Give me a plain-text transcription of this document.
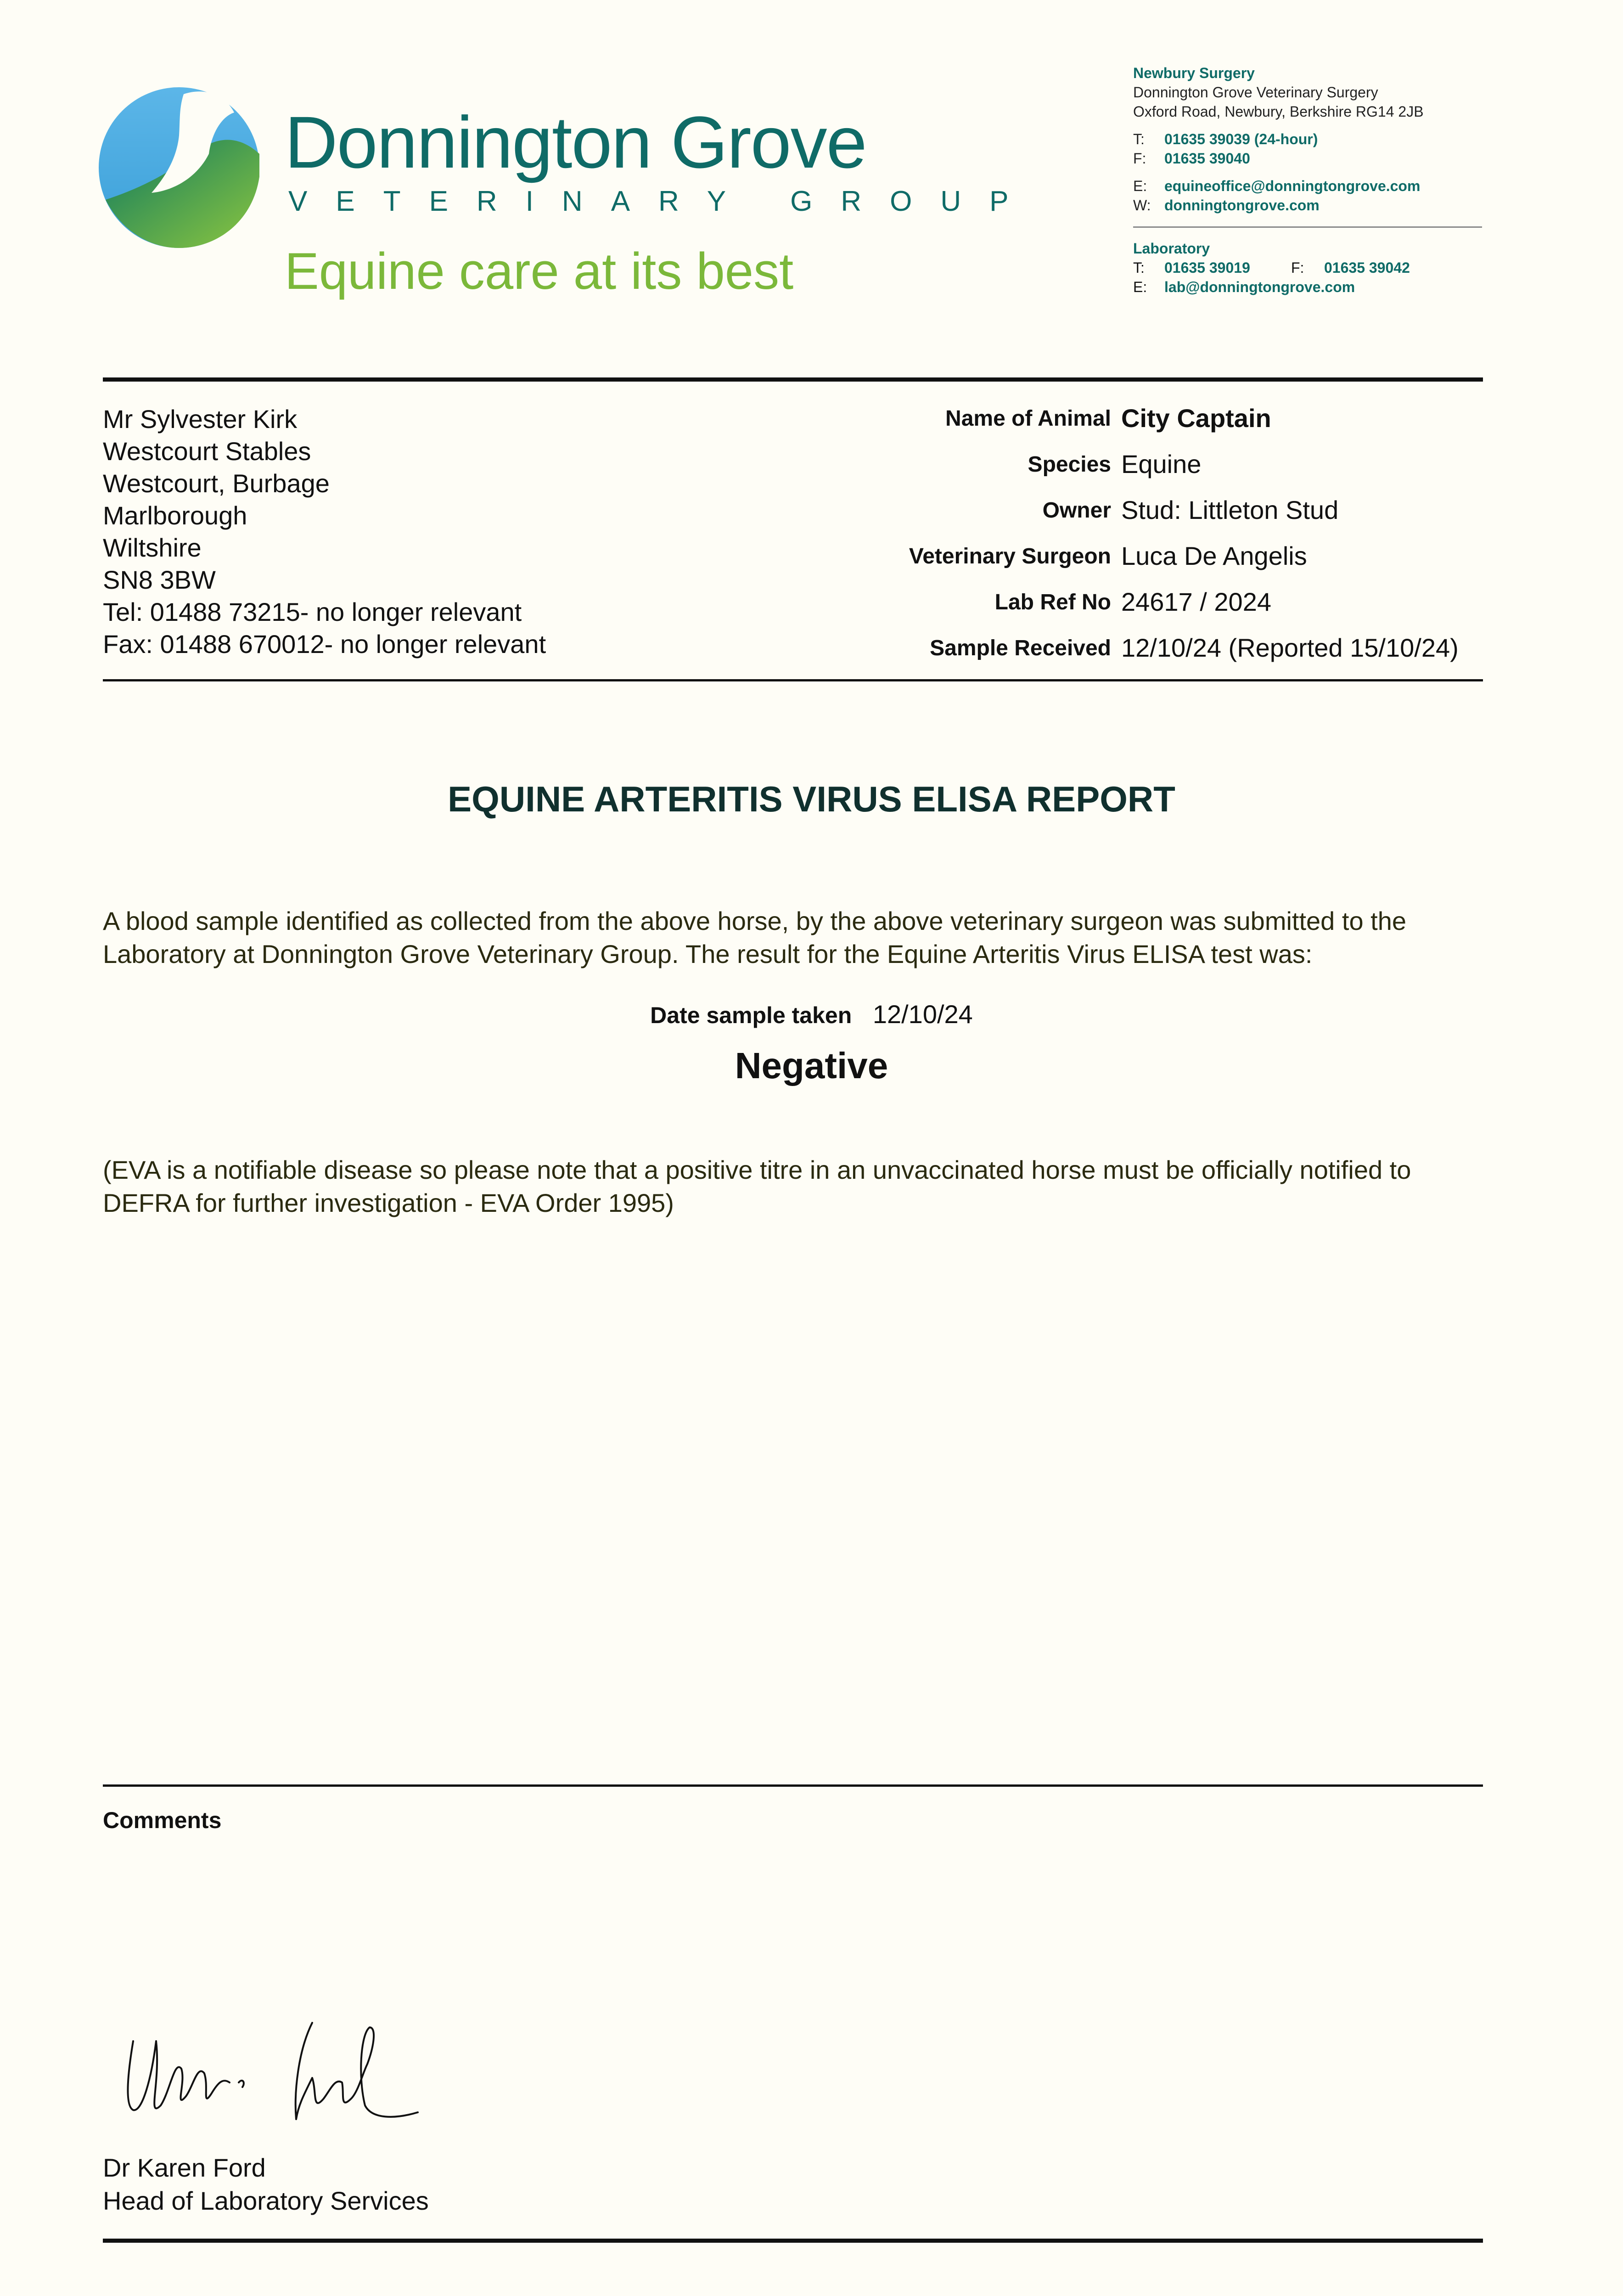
Donnington Grove
VETERINARY GROUP
Equine care at its best
Newbury Surgery
Donnington Grove Veterinary Surgery
Oxford Road, Newbury, Berkshire RG14 2JB
T:	01635 39039 (24-hour)
F:	01635 39040
E:	equineoffice@donningtongrove.com
W: donningtongrove.com
Laboratory
T:	01635 39019	F:	01635 39042
E:	lab@donningtongrove.com
Mr Sylvester Kirk
Westcourt Stables
Westcourt, Burbage
Marlborough
Wiltshire
SN8 3BW
Tel: 01488 73215- no longer relevant
Fax: 01488 670012- no longer relevant
Name of Animal City Captain
Species Equine
Owner Stud: Littleton Stud
Veterinary Surgeon Luca De Angelis
Lab Ref No 24617 / 2024
Sample Received 12/10/24 (Reported 15/10/24)
EQUINE ARTERITIS VIRUS ELISA REPORT
A blood sample identified as collected from the above horse, by the above veterinary surgeon was submitted to the Laboratory at Donnington Grove Veterinary Group. The result for the Equine Arteritis Virus ELISA test was:
Date sample taken 12/10/24
Negative
(EVA is a notifiable disease so please note that a positive titre in an unvaccinated horse must be officially notified to DEFRA for further investigation - EVA Order 1995)
Comments
Dr Karen Ford
Head of Laboratory Services
